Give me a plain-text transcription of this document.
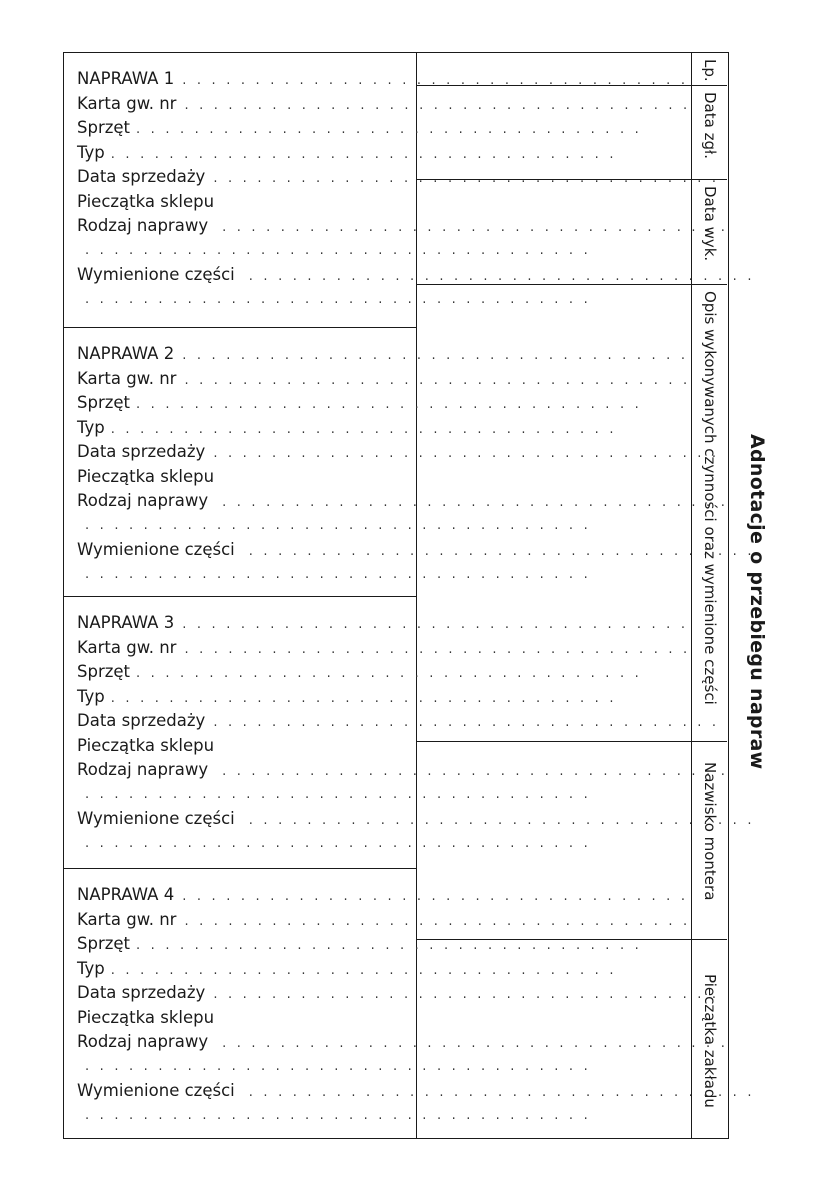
NAPRAWA 1 . . . . . . . . . . . . . . . . . . . . . . . . . . . . . . . . . . .
Karta gw. nr . . . . . . . . . . . . . . . . . . . . . . . . . . . . . . . . . . .
Sprzęt . . . . . . . . . . . . . . . . . . . . . . . . . . . . . . . . . . .
Typ . . . . . . . . . . . . . . . . . . . . . . . . . . . . . . . . . . .
Data sprzedaży . . . . . . . . . . . . . . . . . . . . . . . . . . . . . . . . . . .
Pieczątka sklepu
Rodzaj naprawy	. . . . . . . . . . . . . . . . . . . . . . . . . . . . . . . . . . .
. . . . . . . . . . . . . . . . . . . . . . . . . . . . . . . . . . .
Wymienione części	. . . . . . . . . . . . . . . . . . . . . . . . . . . . . . . . . . .
. . . . . . . . . . . . . . . . . . . . . . . . . . . . . . . . . . .
NAPRAWA 2 . . . . . . . . . . . . . . . . . . . . . . . . . . . . . . . . . . .
Karta gw. nr . . . . . . . . . . . . . . . . . . . . . . . . . . . . . . . . . . .
Sprzęt . . . . . . . . . . . . . . . . . . . . . . . . . . . . . . . . . . .
Typ . . . . . . . . . . . . . . . . . . . . . . . . . . . . . . . . . . .
Data sprzedaży . . . . . . . . . . . . . . . . . . . . . . . . . . . . . . . . . . .
Pieczątka sklepu
Rodzaj naprawy	. . . . . . . . . . . . . . . . . . . . . . . . . . . . . . . . . . .
. . . . . . . . . . . . . . . . . . . . . . . . . . . . . . . . . . .
Wymienione części	. . . . . . . . . . . . . . . . . . . . . . . . . . . . . . . . . . .
. . . . . . . . . . . . . . . . . . . . . . . . . . . . . . . . . . .
NAPRAWA 3 . . . . . . . . . . . . . . . . . . . . . . . . . . . . . . . . . . .
Karta gw. nr . . . . . . . . . . . . . . . . . . . . . . . . . . . . . . . . . . .
Sprzęt . . . . . . . . . . . . . . . . . . . . . . . . . . . . . . . . . . .
Typ . . . . . . . . . . . . . . . . . . . . . . . . . . . . . . . . . . .
Data sprzedaży . . . . . . . . . . . . . . . . . . . . . . . . . . . . . . . . . . .
Pieczątka sklepu
Rodzaj naprawy	. . . . . . . . . . . . . . . . . . . . . . . . . . . . . . . . . . .
. . . . . . . . . . . . . . . . . . . . . . . . . . . . . . . . . . .
Wymienione części	. . . . . . . . . . . . . . . . . . . . . . . . . . . . . . . . . . .
. . . . . . . . . . . . . . . . . . . . . . . . . . . . . . . . . . .
NAPRAWA 4 . . . . . . . . . . . . . . . . . . . . . . . . . . . . . . . . . . .
Karta gw. nr . . . . . . . . . . . . . . . . . . . . . . . . . . . . . . . . . . .
Sprzęt . . . . . . . . . . . . . . . . . . . . . . . . . . . . . . . . . . .
Typ . . . . . . . . . . . . . . . . . . . . . . . . . . . . . . . . . . .
Data sprzedaży . . . . . . . . . . . . . . . . . . . . . . . . . . . . . . . . . . .
Pieczątka sklepu
Rodzaj naprawy	. . . . . . . . . . . . . . . . . . . . . . . . . . . . . . . . . . .
. . . . . . . . . . . . . . . . . . . . . . . . . . . . . . . . . . .
Wymienione części	. . . . . . . . . . . . . . . . . . . . . . . . . . . . . . . . . . .
. . . . . . . . . . . . . . . . . . . . . . . . . . . . . . . . . . .
Lp.
Data zgł.
Data wyk.
Opis wykonywanych czynności oraz wymienione części
Nazwisko montera
Pieczątka zakładu
Adnotacje o przebiegu napraw
